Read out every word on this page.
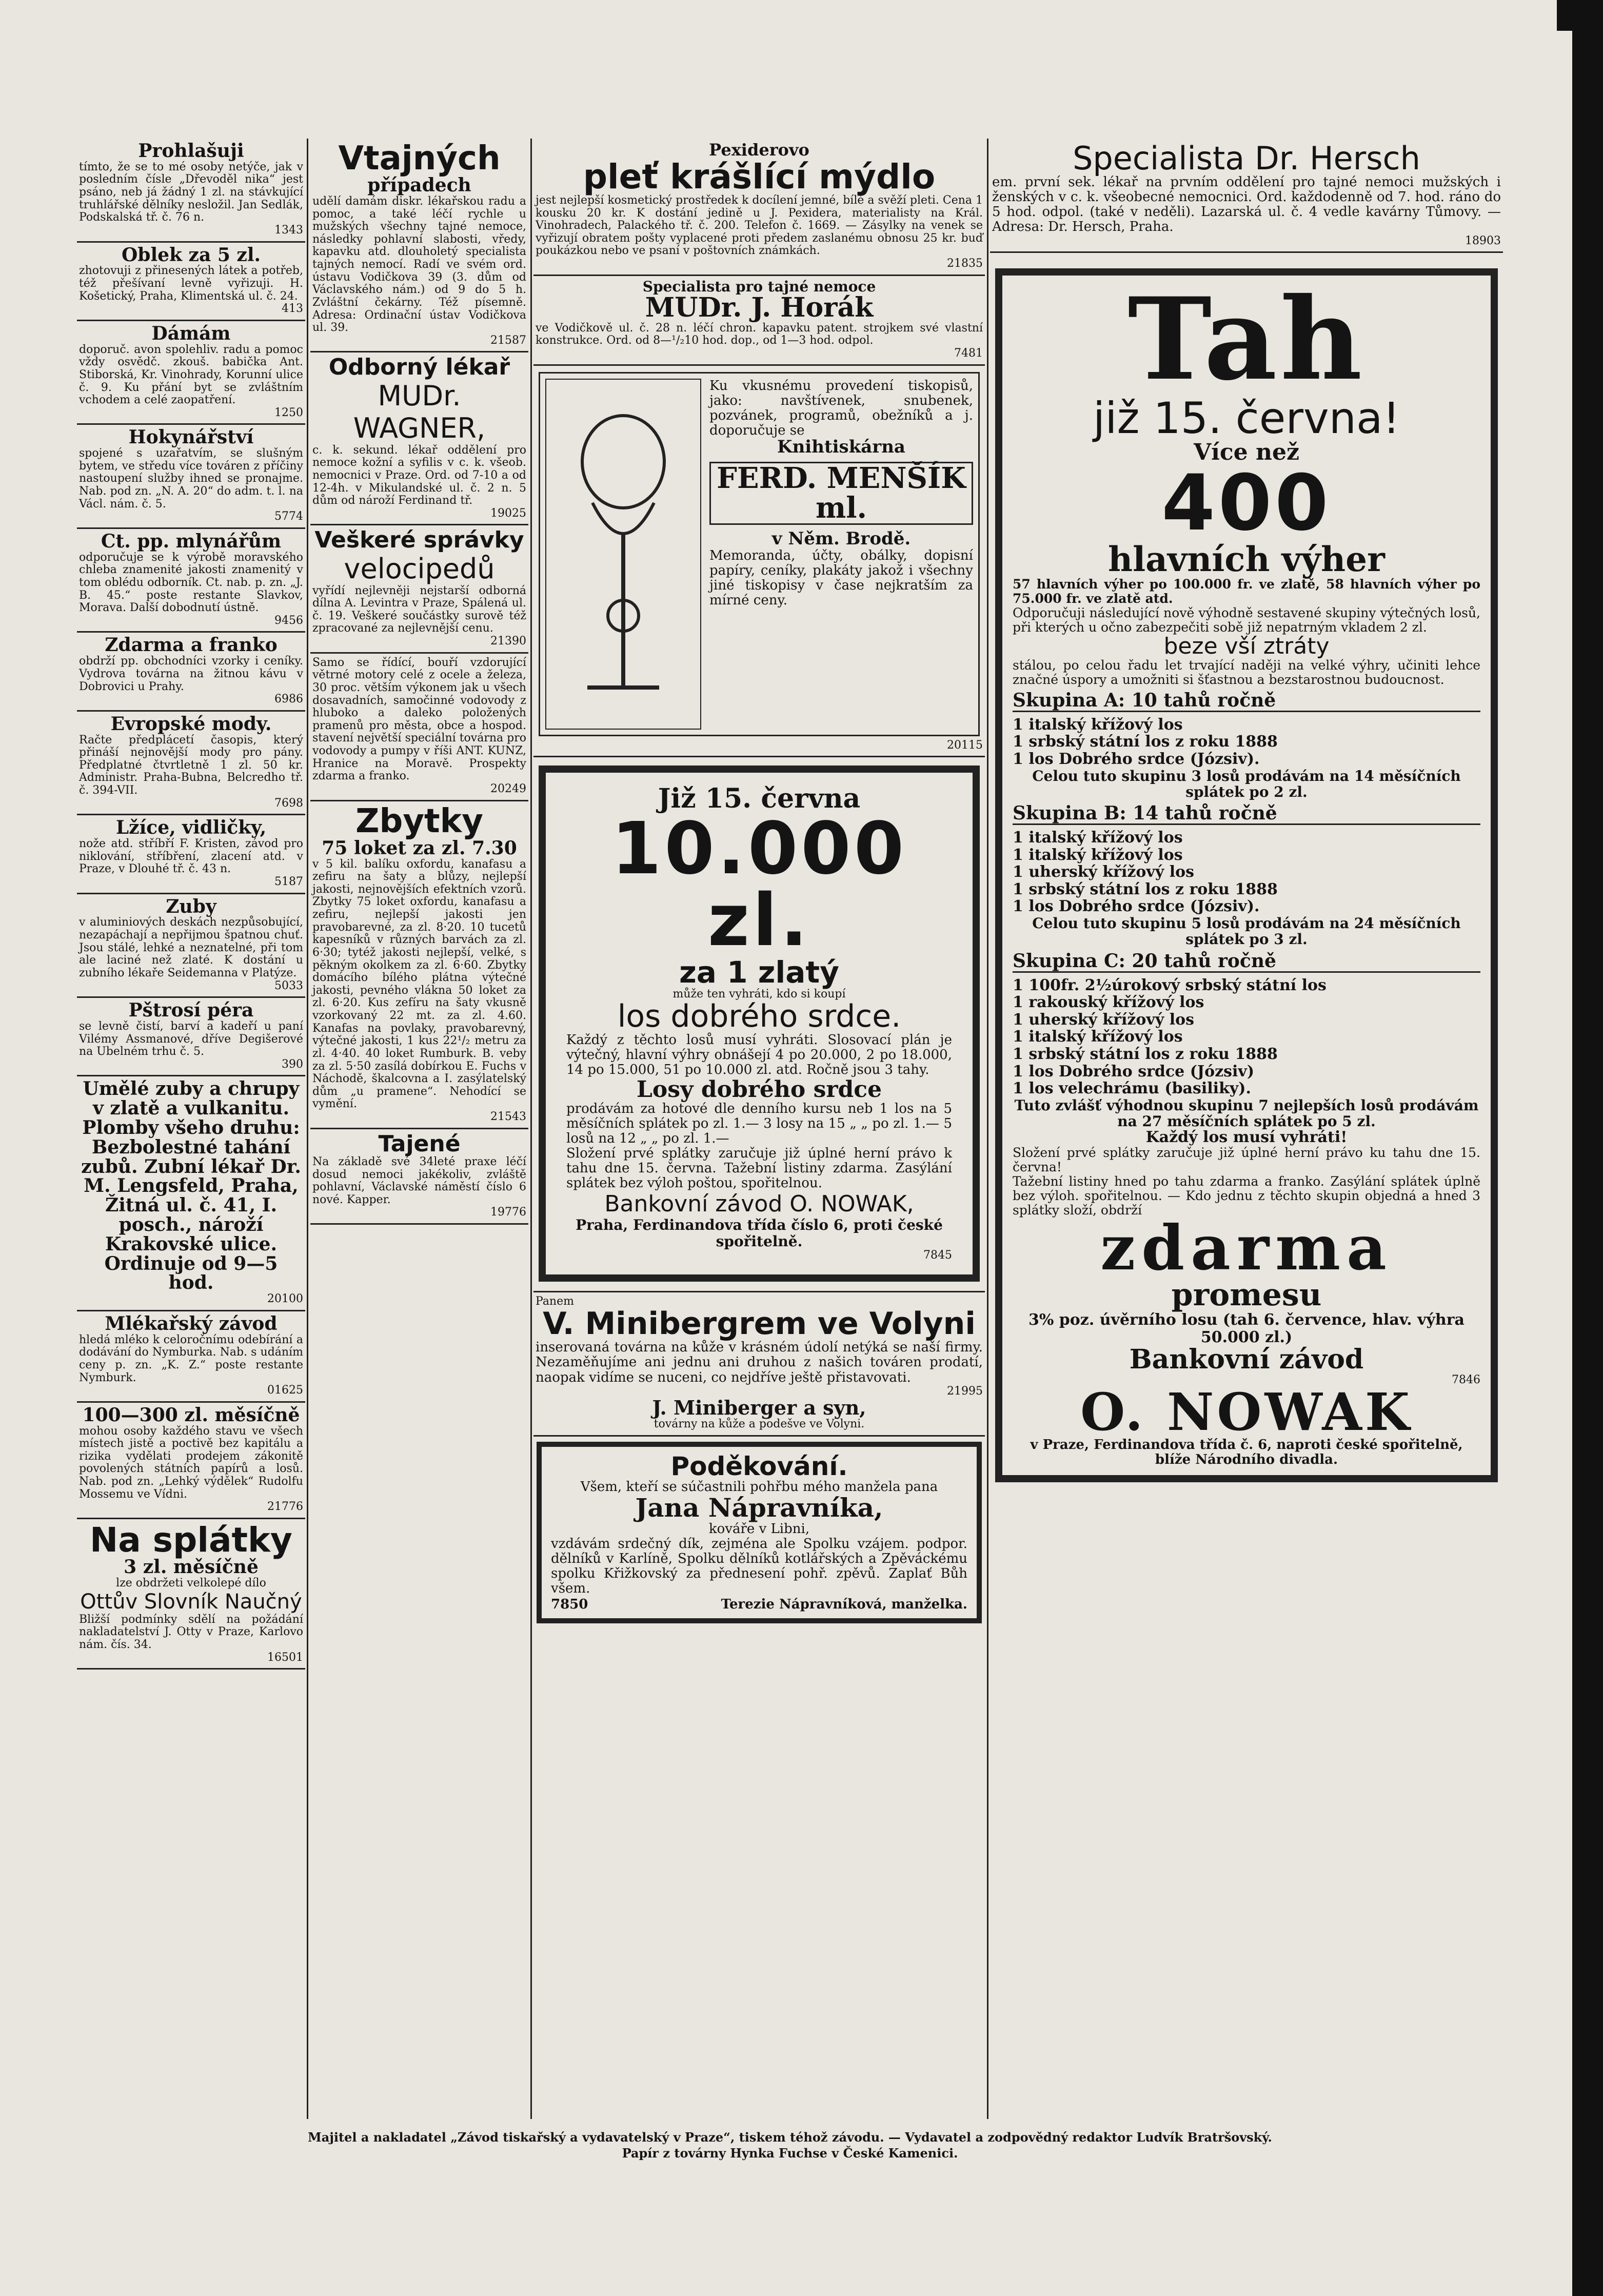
Prohlašuji
tímto, že se to mé osoby netýče, jak v posledním čísle „Dřevoděl nika“ jest psáno, neb já žádný 1 zl. na stávkující truhlářské dělníky nesložil. Jan Sedlák, Podskalská tř. č. 76 n.
1343
Oblek za 5 zl.
zhotovuji z přinesených látek a potřeb, též přešívaní levně vyřizuji. H. Košetický, Praha, Klimentská ul. č. 24.
413
Dámám
doporuč. avon spolehliv. radu a pomoc vždy osvědč. zkouš. babička Ant. Stiborská, Kr. Vinohrady, Korunní ulice č. 9. Ku přání byt se zvláštním vchodem a celé zaopatření.
1250
Hokynářství
spojené s uzařatvím, se slušným bytem, ve středu více továren z příčiny nastoupení služby ihned se pronajme. Nab. pod zn. „N. A. 20“ do adm. t. l. na Václ. nám. č. 5.
5774
Ct. pp. mlynářům
odporučuje se k výrobě moravského chleba znamenité jakosti znamenitý v tom oblédu odborník. Ct. nab. p. zn. „J. B. 45.“ poste restante Slavkov, Morava. Další dobodnutí ústně.
9456
Zdarma a franko
obdrží pp. obchodníci vzorky i ceníky. Vydrova továrna na žitnou kávu v Dobrovici u Prahy.
6986
Evropské mody.
Račte předplácetí časopis, který přináší nejnovější mody pro pány. Předplatné čtvrtletně 1 zl. 50 kr. Administr. Praha-Bubna, Belcredho tř. č. 394-VII.
7698
Lžíce, vidličky,
nože atd. stříbří F. Kristen, závod pro niklování, stříbření, zlacení atd. v Praze, v Dlouhé tř. č. 43 n.
5187
Zuby
v aluminiových deskách nezpůsobující, nezapáchají a nepřijmou špatnou chuť. Jsou stálé, lehké a neznatelné, při tom ale laciné než zlaté. K dostání u zubního lékaře Seidemanna v Platýze.
5033
Pštrosí péra
se levně čistí, barví a kadeří u paní Vilémy Assmanové, dříve Degišerové na Ubelném trhu č. 5.
390
Umělé zuby a chrupy v zlatě a vulkanitu. Plomby všeho druhu: Bezbolestné tahání zubů. Zubní lékař Dr. M. Lengsfeld, Praha, Žitná ul. č. 41, I. posch., nároží Krakovské ulice. Ordinuje od 9—5 hod.
20100
Mlékařský závod
hledá mléko k celoročnímu odebírání a dodávání do Nymburka. Nab. s udáním ceny p. zn. „K. Z.“ poste restante Nymburk.
01625
100—300 zl. měsíčně
mohou osoby každého stavu ve všech místech jistě a poctivě bez kapitálu a rizika vydělati prodejem zákonitě povolených státních papírů a losů. Nab. pod zn. „Lehký výdělek“ Rudolfu Mossemu ve Vídni.
21776
Na splátky
3 zl. měsíčně
lze obdržeti velkolepé dílo
Ottův Slovník Naučný
Bližší podmínky sdělí na požádání nakladatelství J. Otty v Praze, Karlovo nám. čís. 34.
16501
Vtajných
případech
udělí damám diskr. lékařskou radu a pomoc, a také léčí rychle u mužských všechny tajné nemoce, následky pohlavní slabosti, vředy, kapavku atd. dlouholetý specialista tajných nemocí. Radí ve svém ord. ústavu Vodičkova 39 (3. dům od Václavského nám.) od 9 do 5 h. Zvláštní čekárny. Též písemně. Adresa: Ordinační ústav Vodičkova ul. 39.
21587
Odborný lékař
MUDr. WAGNER,
c. k. sekund. lékař oddělení pro nemoce kožní a syfilis v c. k. všeob. nemocnici v Praze. Ord. od 7-10 a od 12-4h. v Mikulandské ul. č. 2 n. 5 dům od nároží Ferdinand tř.
19025
Veškeré správky
velocipedů
vyřídí nejlevněji nejstarší odborná dílna A. Levintra v Praze, Spálená ul. č. 19. Veškeré součástky surově též zpracované za nejlevnější cenu.
21390
Samo se řídící, bouří vzdorující větrné motory celé z ocele a železa, 30 proc. větším výkonem jak u všech dosavadních, samočinné vodovody z hluboko a daleko položených pramenů pro města, obce a hospod. stavení největší speciální továrna pro vodovody a pumpy v říši ANT. KUNZ, Hranice na Moravě. Prospekty zdarma a franko.
20249
Zbytky
75 loket za zl. 7.30
v 5 kil. balíku oxfordu, kanafasu a zefiru na šaty a blůzy, nejlepší jakosti, nejnovějších efektních vzorů. Zbytky 75 loket oxfordu, kanafasu a zefiru, nejlepší jakosti jen pravobarevné, za zl. 8·20. 10 tucetů kapesníků v různých barvách za zl. 6·30; tytéž jakosti nejlepší, velké, s pěkným okolkem za zl. 6·60. Zbytky domácího bílého plátna výtečné jakosti, pevného vlákna 50 loket za zl. 6·20. Kus zefíru na šaty vkusně vzorkovaný 22 mt. za zl. 4.60. Kanafas na povlaky, pravobarevný, výtečné jakosti, 1 kus 22¹/₂ metru za zl. 4·40. 40 loket Rumburk. B. veby za zl. 5·50 zasílá dobírkou E. Fuchs v Náchodě, škalcovna a I. zasýlatelský dům „u pramene“. Nehodící se vymění.
21543
Tajené
Na základě své 34leté praxe léčí dosud nemoci jakékoliv, zvláště pohlavní, Václavské náměstí číslo 6 nové. Kapper.
19776
Pexiderovo
pleť krášlící mýdlo
jest nejlepší kosmetický prostředek k docílení jemné, bílé a svěží pleti. Cena 1 kousku 20 kr. K dostání jedině u J. Pexidera, materialisty na Král. Vinohradech, Palackého tř. č. 200. Telefon č. 1669. — Zásylky na venek se vyřizují obratem pošty vyplacené proti předem zaslanému obnosu 25 kr. buď poukázkou nebo ve psaní v poštovních známkách.
21835
Specialista pro tajné nemoce
MUDr. J. Horák
ve Vodičkově ul. č. 28 n. léčí chron. kapavku patent. strojkem své vlastní konstrukce. Ord. od 8—¹/₂10 hod. dop., od 1—3 hod. odpol.
7481
Ku vkusnému provedení tiskopisů, jako: navštívenek, snubenek, pozvánek, programů, obežníků a j. doporučuje se
Knihtiskárna
FERD. MENŠÍK ml.
v Něm. Brodě.
Memoranda, účty, obálky, dopisní papíry, ceníky, plakáty jakož i všechny jiné tiskopisy v čase nejkratším za mírné ceny.
20115
Již 15. června
10.000 zl.
za 1 zlatý
může ten vyhráti, kdo si koupí
los dobrého srdce.
Každý z těchto losů musí vyhráti. Slosovací plán je výtečný, hlavní výhry obnášejí 4 po 20.000, 2 po 18.000, 14 po 15.000, 51 po 10.000 zl. atd. Ročně jsou 3 tahy.
Losy dobrého srdce
prodávám za hotové dle denního kursu neb 1 los na 5 měsíčních splátek po zl. 1.— 3 losy na 15 „ „ po zl. 1.— 5 losů na 12 „ „ po zl. 1.—
Složení prvé splátky zaručuje již úplné herní právo k tahu dne 15. června. Tažební listiny zdarma. Zasýlání splátek bez výloh poštou, spořitelnou.
Bankovní závod O. NOWAK,
Praha, Ferdinandova třída číslo 6, proti české spořitelně.
7845
Panem
V. Minibergrem ve Volyni
inserovaná továrna na kůže v krásném údolí netýká se naší firmy. Nezaměňujíme ani jednu ani druhou z našich továren prodatí, naopak vidíme se nuceni, co nejdříve ještě přistavovati.
21995
J. Miniberger a syn,
továrny na kůže a podešve ve Volyni.
Poděkování.
Všem, kteří se súčastnili pohřbu mého manžela pana
Jana Nápravníka,
kováře v Libni,
vzdávám srdečný dík, zejména ale Spolku vzájem. podpor. dělníků v Karlíně, Spolku dělníků kotlářských a Zpěváckému spolku Křižkovský za přednesení pohř. zpěvů. Zaplať Bůh všem.
7850	Terezie Nápravníková, manželka.
Specialista Dr. Hersch
em. první sek. lékař na prvním oddělení pro tajné nemoci mužských i ženských v c. k. všeobecné nemocnici. Ord. každodenně od 7. hod. ráno do 5 hod. odpol. (také v neděli). Lazarská ul. č. 4 vedle kavárny Tůmovy. — Adresa: Dr. Hersch, Praha.
18903
Tah
již 15. června!
Více než
400
hlavních výher
57 hlavních výher po 100.000 fr. ve zlatě, 58 hlavních výher po 75.000 fr. ve zlatě atd.
Odporučuji následující nově výhodně sestavené skupiny výtečných losů, při kterých u očno zabezpečiti sobě již nepatrným vkladem 2 zl.
beze vší ztráty
stálou, po celou řadu let trvající naději na velké výhry, učiniti lehce značné úspory a umožniti si šťastnou a bezstarostnou budoucnost.
Skupina A: 10 tahů ročně
1 italský křížový los
1 srbský státní los z roku 1888
1 los Dobrého srdce (Józsiv).
Celou tuto skupinu 3 losů prodávám na 14 měsíčních splátek po 2 zl.
Skupina B: 14 tahů ročně
1 italský křížový los
1 italský křížový los
1 uherský křížový los
1 srbský státní los z roku 1888
1 los Dobrého srdce (Józsiv).
Celou tuto skupinu 5 losů prodávám na 24 měsíčních splátek po 3 zl.
Skupina C: 20 tahů ročně
1 100fr. 2½úrokový srbský státní los
1 rakouský křížový los
1 uherský křížový los
1 italský křížový los
1 srbský státní los z roku 1888
1 los Dobrého srdce (Józsiv)
1 los velechrámu (basiliky).
Tuto zvlášť výhodnou skupinu 7 nejlepších losů prodávám na 27 měsíčních splátek po 5 zl.
Každý los musí vyhráti!
Složení prvé splátky zaručuje již úplné herní právo ku tahu dne 15. června!
Tažební listiny hned po tahu zdarma a franko. Zasýlání splátek úplně bez výloh. spořitelnou. — Kdo jednu z těchto skupin objedná a hned 3 splátky složí, obdrží
zdarma
promesu
3% poz. úvěrního losu (tah 6. července, hlav. výhra 50.000 zl.)
Bankovní závod
7846
O. NOWAK
v Praze, Ferdinandova třída č. 6, naproti české spořitelně, blíže Národního divadla.
Majitel a nakladatel „Závod tiskařský a vydavatelský v Praze“, tiskem téhož závodu. — Vydavatel a zodpovědný redaktor Ludvík Bratršovský.
Papír z továrny Hynka Fuchse v České Kamenici.
